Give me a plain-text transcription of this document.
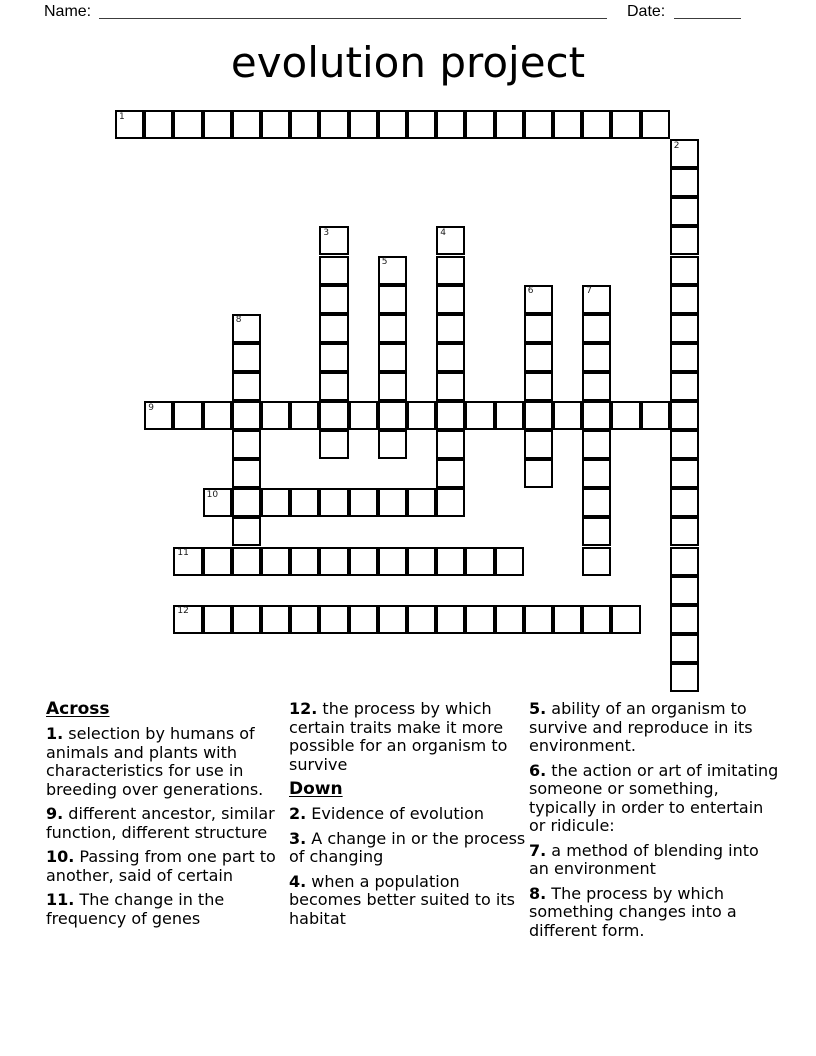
Name:	Date:
evolution project
1
2
3	4
5
6	7
8
9
10
11
12
Across
1. selection by humans of animals and plants with characteristics for use in breeding over generations.
9. different ancestor, similar function, different structure
10. Passing from one part to another, said of certain
11. The change in the frequency of genes
12. the process by which certain traits make it more possible for an organism to survive
Down
2. Evidence of evolution
3. A change in or the process of changing
4. when a population becomes better suited to its habitat
5. ability of an organism to survive and reproduce in its environment.
6. the action or art of imitating someone or something, typically in order to entertain or ridicule:
7. a method of blending into an environment
8. The process by which something changes into a different form.
